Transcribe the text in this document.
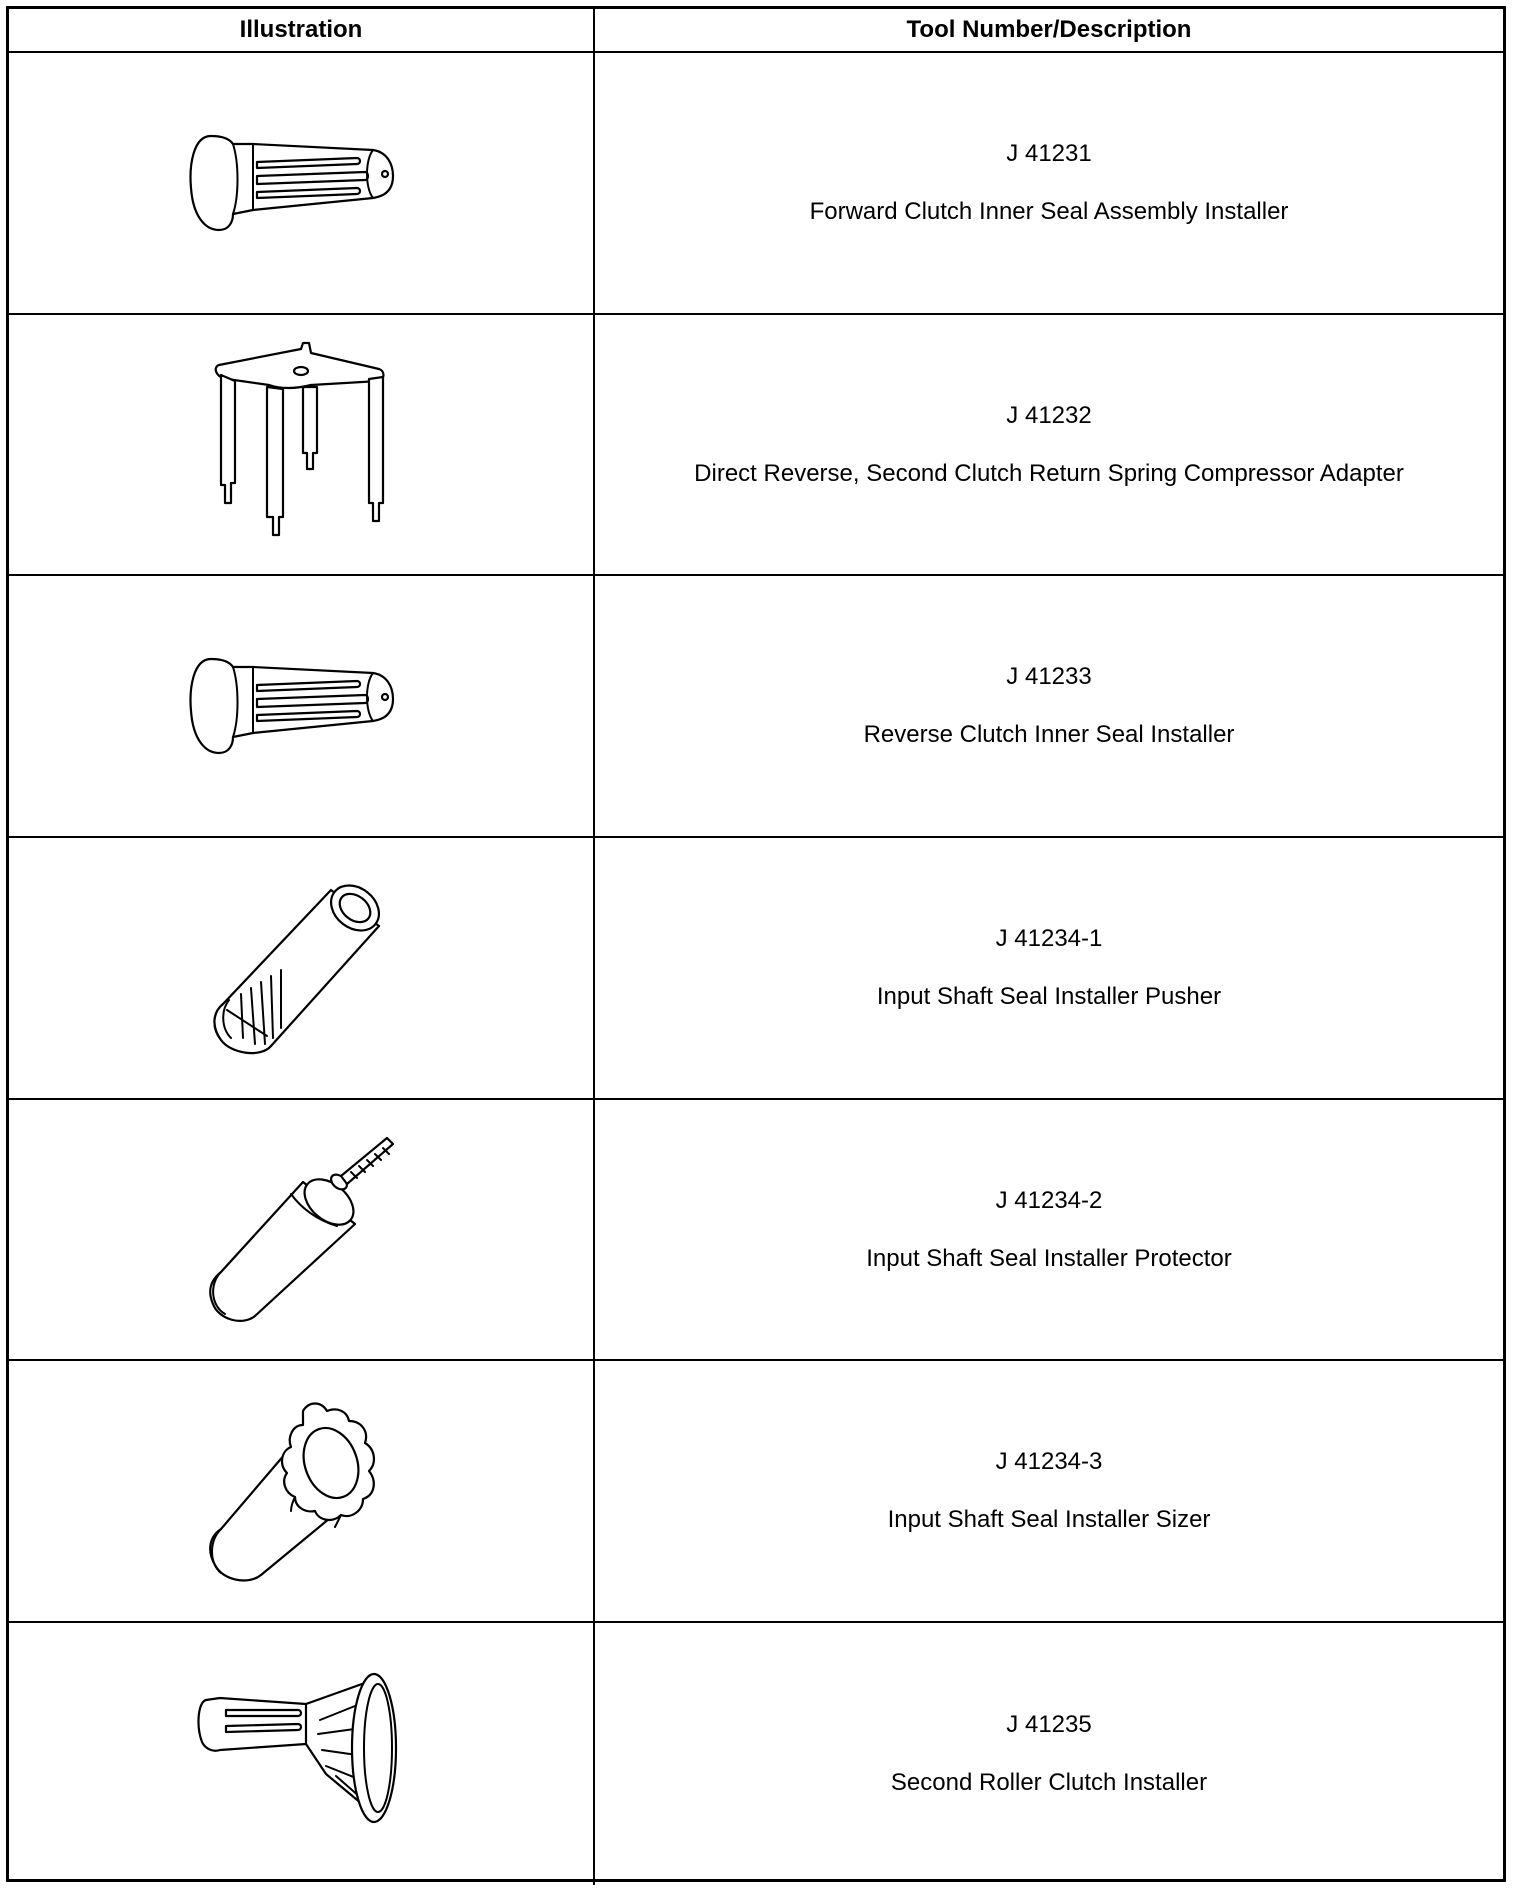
Illustration	Tool Number/Description
J 41231
Forward Clutch Inner Seal Assembly Installer
J 41232
Direct Reverse, Second Clutch Return Spring Compressor Adapter
J 41233
Reverse Clutch Inner Seal Installer
J 41234-1
Input Shaft Seal Installer Pusher
J 41234-2
Input Shaft Seal Installer Protector
J 41234-3
Input Shaft Seal Installer Sizer
J 41235
Second Roller Clutch Installer
